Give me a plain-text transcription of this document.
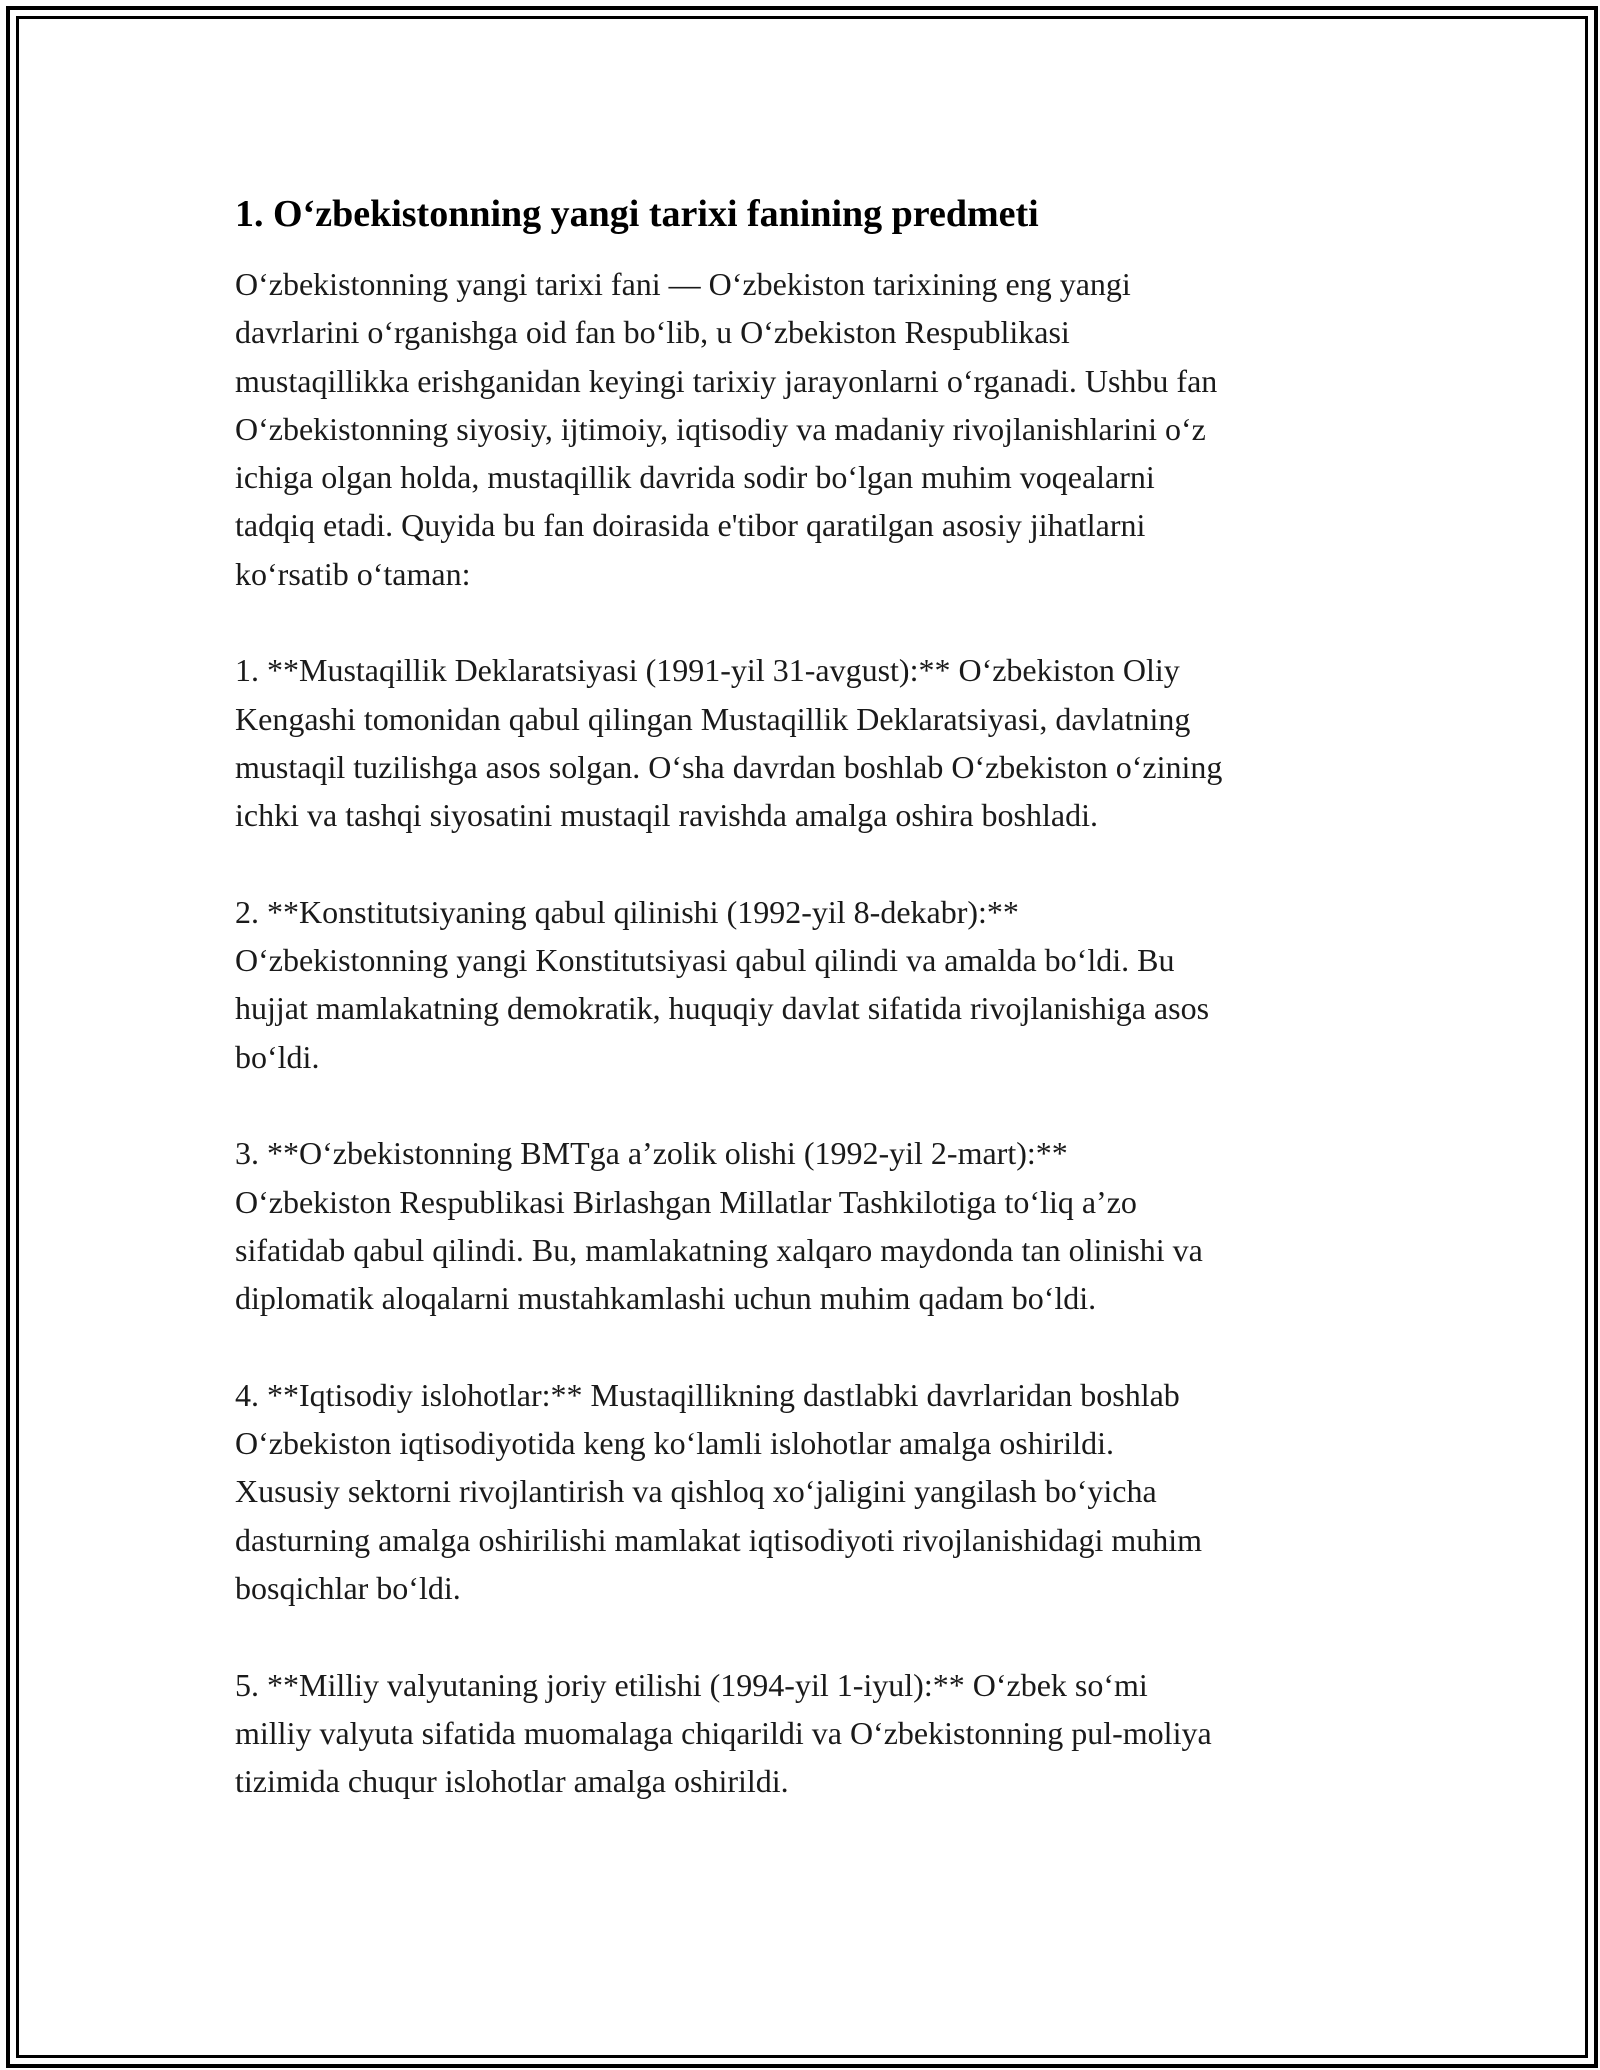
1. O‘zbekistonning yangi tarixi fanining predmeti

O‘zbekistonning yangi tarixi fani — O‘zbekiston tarixining eng yangi
davrlarini o‘rganishga oid fan bo‘lib, u O‘zbekiston Respublikasi
mustaqillikka erishganidan keyingi tarixiy jarayonlarni o‘rganadi. Ushbu fan
O‘zbekistonning siyosiy, ijtimoiy, iqtisodiy va madaniy rivojlanishlarini o‘z
ichiga olgan holda, mustaqillik davrida sodir bo‘lgan muhim voqealarni
tadqiq etadi. Quyida bu fan doirasida e'tibor qaratilgan asosiy jihatlarni
ko‘rsatib o‘taman:

1. **Mustaqillik Deklaratsiyasi (1991-yil 31-avgust):** O‘zbekiston Oliy
Kengashi tomonidan qabul qilingan Mustaqillik Deklaratsiyasi, davlatning
mustaqil tuzilishga asos solgan. O‘sha davrdan boshlab O‘zbekiston o‘zining
ichki va tashqi siyosatini mustaqil ravishda amalga oshira boshladi.

2. **Konstitutsiyaning qabul qilinishi (1992-yil 8-dekabr):**
O‘zbekistonning yangi Konstitutsiyasi qabul qilindi va amalda bo‘ldi. Bu
hujjat mamlakatning demokratik, huquqiy davlat sifatida rivojlanishiga asos
bo‘ldi.

3. **O‘zbekistonning BMTga a’zolik olishi (1992-yil 2-mart):**
O‘zbekiston Respublikasi Birlashgan Millatlar Tashkilotiga to‘liq a’zo
sifatidab qabul qilindi. Bu, mamlakatning xalqaro maydonda tan olinishi va
diplomatik aloqalarni mustahkamlashi uchun muhim qadam bo‘ldi.

4. **Iqtisodiy islohotlar:** Mustaqillikning dastlabki davrlaridan boshlab
O‘zbekiston iqtisodiyotida keng ko‘lamli islohotlar amalga oshirildi.
Xususiy sektorni rivojlantirish va qishloq xo‘jaligini yangilash bo‘yicha
dasturning amalga oshirilishi mamlakat iqtisodiyoti rivojlanishidagi muhim
bosqichlar bo‘ldi.

5. **Milliy valyutaning joriy etilishi (1994-yil 1-iyul):** O‘zbek so‘mi
milliy valyuta sifatida muomalaga chiqarildi va O‘zbekistonning pul-moliya
tizimida chuqur islohotlar amalga oshirildi.
